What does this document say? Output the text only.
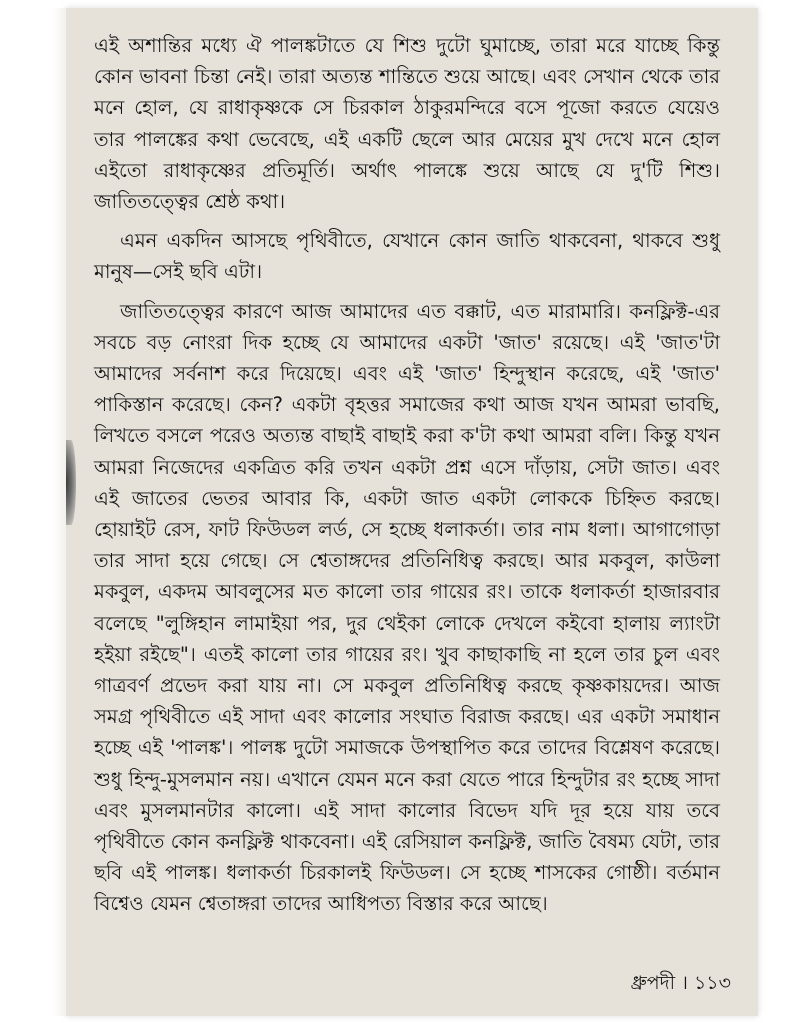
এই অশান্তির মধ্যে ঐ পালঙ্কটাতে যে শিশু দুটো ঘুমাচ্ছে, তারা মরে যাচ্ছে কিন্তু কোন ভাবনা চিন্তা নেই। তারা অত্যন্ত শান্তিতে শুয়ে আছে। এবং সেখান থেকে তার মনে হোল, যে রাধাকৃষ্ণকে সে চিরকাল ঠাকুরমন্দিরে বসে পূজো করতে যেয়েও তার পালঙ্কের কথা ভেবেছে, এই একটি ছেলে আর মেয়ের মুখ দেখে মনে হোল এইতো রাধাকৃষ্ণের প্রতিমূর্তি। অর্থাৎ পালঙ্কে শুয়ে আছে যে দু'টি শিশু। জাতিতত্ত্বের শ্রেষ্ঠ কথা।

এমন একদিন আসছে পৃথিবীতে, যেখানে কোন জাতি থাকবেনা, থাকবে শুধু মানুষ—সেই ছবি এটা।

জাতিতত্ত্বের কারণে আজ আমাদের এত বক্কাট, এত মারামারি। কনফ্লিক্ট-এর সবচে বড় নোংরা দিক হচ্ছে যে আমাদের একটা 'জাত' রয়েছে। এই 'জাত'টা আমাদের সর্বনাশ করে দিয়েছে। এবং এই 'জাত' হিন্দুস্থান করেছে, এই 'জাত' পাকিস্তান করেছে। কেন? একটা বৃহত্তর সমাজের কথা আজ যখন আমরা ভাবছি, লিখতে বসলে পরেও অত্যন্ত বাছাই বাছাই করা ক'টা কথা আমরা বলি। কিন্তু যখন আমরা নিজেদের একত্রিত করি তখন একটা প্রশ্ন এসে দাঁড়ায়, সেটা জাত। এবং এই জাতের ভেতর আবার কি, একটা জাত একটা লোককে চিহ্নিত করছে। হোয়াইট রেস, ফাট ফিউডল লর্ড, সে হচ্ছে ধলাকর্তা। তার নাম ধলা। আগাগোড়া তার সাদা হয়ে গেছে। সে শ্বেতাঙ্গদের প্রতিনিধিত্ব করছে। আর মকবুল, কাউলা মকবুল, একদম আবলুসের মত কালো তার গায়ের রং। তাকে ধলাকর্তা হাজারবার বলেছে "লুঙ্গিহান লামাইয়া পর, দুর থেইকা লোকে দেখলে কইবো হালায় ল্যাংটা হইয়া রইছে"। এতই কালো তার গায়ের রং। খুব কাছাকাছি না হলে তার চুল এবং গাত্রবর্ণ প্রভেদ করা যায় না। সে মকবুল প্রতিনিধিত্ব করছে কৃষ্ণকায়দের। আজ সমগ্র পৃথিবীতে এই সাদা এবং কালোর সংঘাত বিরাজ করছে। এর একটা সমাধান হচ্ছে এই 'পালঙ্ক'। পালঙ্ক দুটো সমাজকে উপস্থাপিত করে তাদের বিশ্লেষণ করেছে। শুধু হিন্দু-মুসলমান নয়। এখানে যেমন মনে করা যেতে পারে হিন্দুটার রং হচ্ছে সাদা এবং মুসলমানটার কালো। এই সাদা কালোর বিভেদ যদি দূর হয়ে যায় তবে পৃথিবীতে কোন কনফ্লিক্ট থাকবেনা। এই রেসিয়াল কনফ্লিক্ট, জাতি বৈষম্য যেটা, তার ছবি এই পালঙ্ক। ধলাকর্তা চিরকালই ফিউডল। সে হচ্ছে শাসকের গোষ্ঠী। বর্তমান বিশ্বেও যেমন শ্বেতাঙ্গরা তাদের আধিপত্য বিস্তার করে আছে।

ধ্রুপদী । ১১৩
